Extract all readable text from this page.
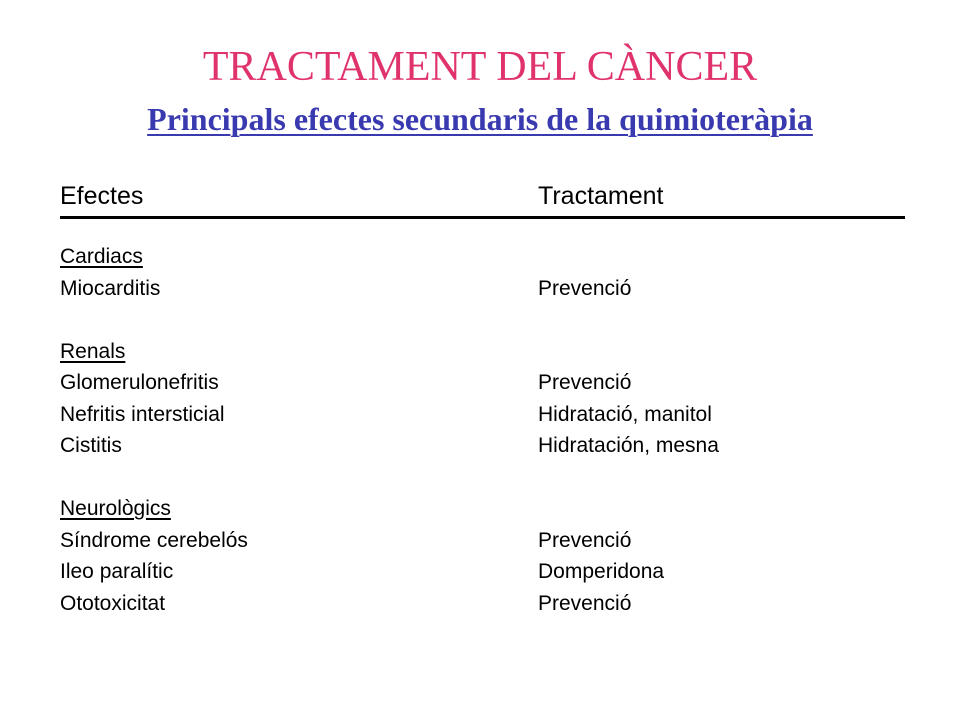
TRACTAMENT DEL CÀNCER
Principals efectes secundaris de la quimioteràpia
Efectes	Tractament
Cardiacs
Miocarditis	Prevenció
Renals
Glomerulonefritis	Prevenció
Nefritis intersticial	Hidratació, manitol
Cistitis	Hidratación, mesna
Neurològics
Síndrome cerebelós	Prevenció
Ileo paralític	Domperidona
Ototoxicitat	Prevenció
